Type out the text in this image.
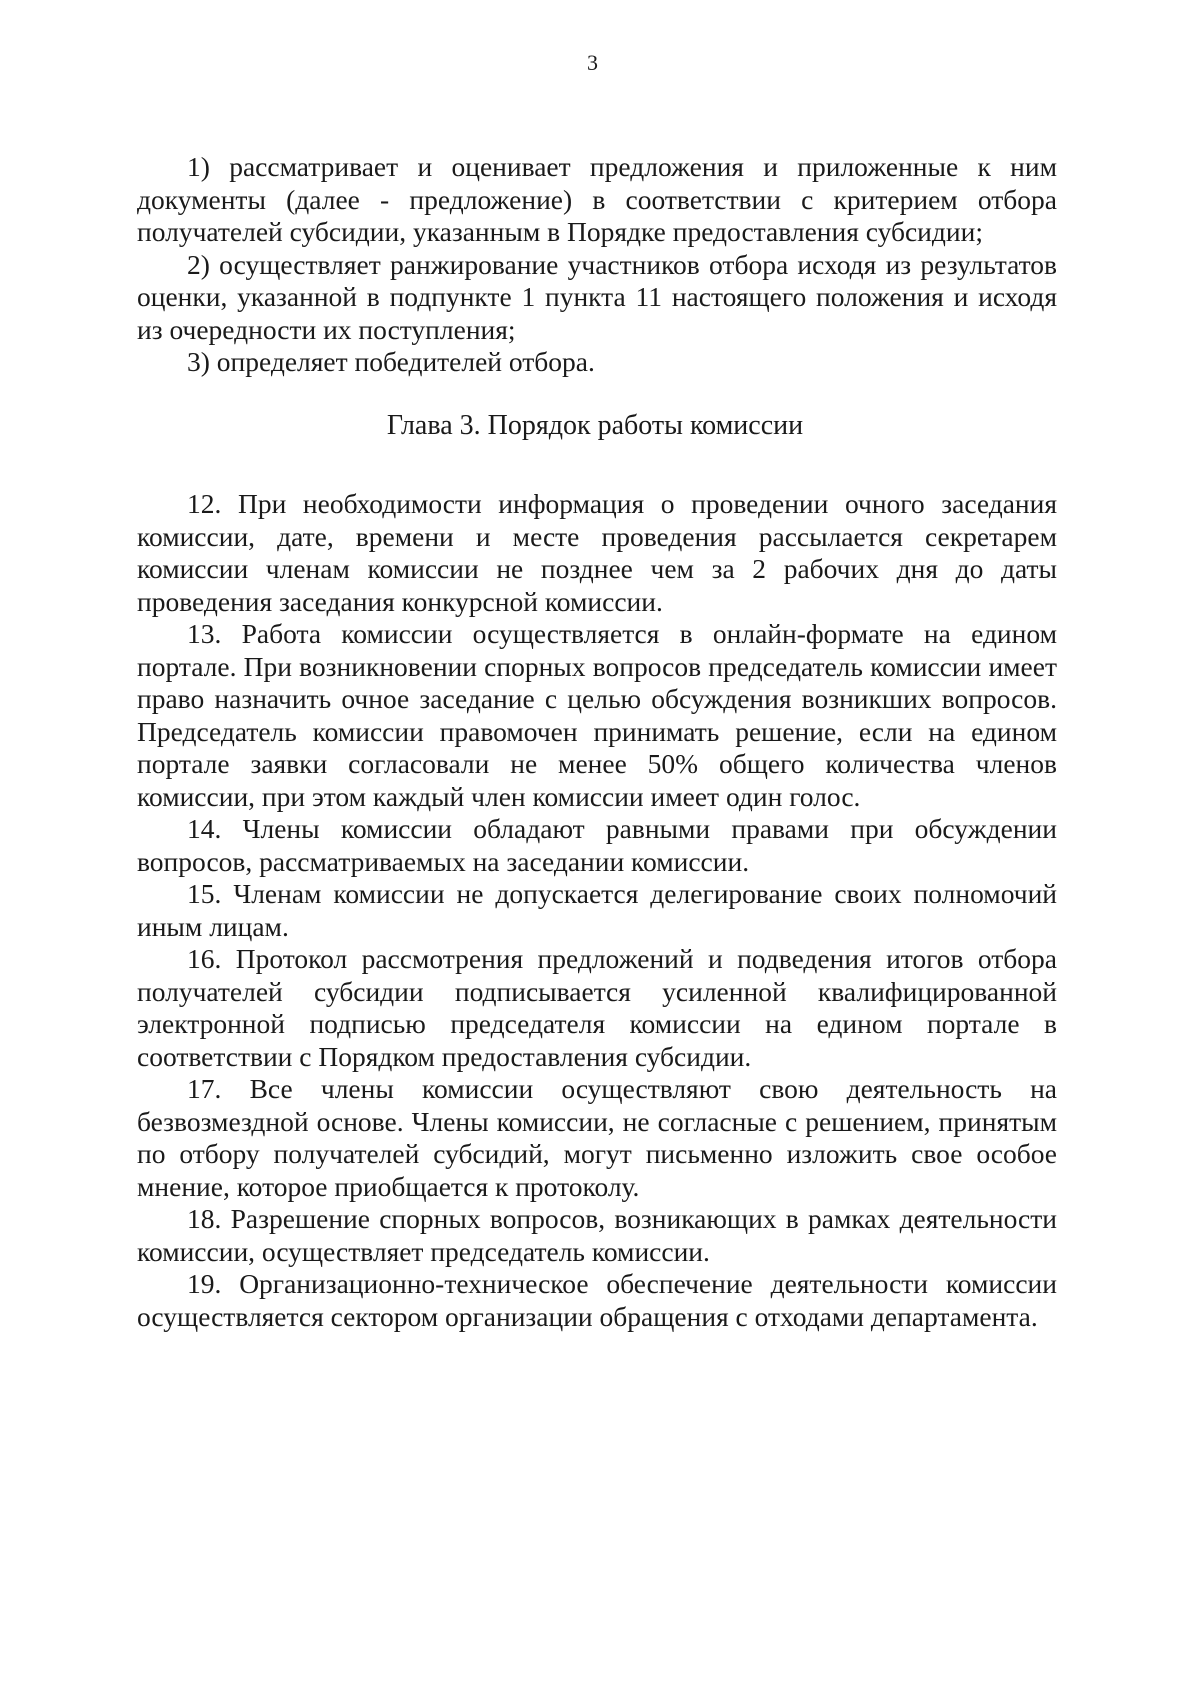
3

1) рассматривает и оценивает предложения и приложенные к ним документы (далее - предложение) в соответствии с критерием отбора получателей субсидии, указанным в Порядке предоставления субсидии;

2) осуществляет ранжирование участников отбора исходя из результатов оценки, указанной в подпункте 1 пункта 11 настоящего положения и исходя из очередности их поступления;

3) определяет победителей отбора.

Глава 3. Порядок работы комиссии

12. При необходимости информация о проведении очного заседания комиссии, дате, времени и месте проведения рассылается секретарем комиссии членам комиссии не позднее чем за 2 рабочих дня до даты проведения заседания конкурсной комиссии.

13. Работа комиссии осуществляется в онлайн-формате на едином портале. При возникновении спорных вопросов председатель комиссии имеет право назначить очное заседание с целью обсуждения возникших вопросов. Председатель комиссии правомочен принимать решение, если на едином портале заявки согласовали не менее 50% общего количества членов комиссии, при этом каждый член комиссии имеет один голос.

14. Члены комиссии обладают равными правами при обсуждении вопросов, рассматриваемых на заседании комиссии.

15. Членам комиссии не допускается делегирование своих полномочий иным лицам.

16. Протокол рассмотрения предложений и подведения итогов отбора получателей субсидии подписывается усиленной квалифицированной электронной подписью председателя комиссии на едином портале в соответствии с Порядком предоставления субсидии.

17. Все члены комиссии осуществляют свою деятельность на безвозмездной основе. Члены комиссии, не согласные с решением, принятым по отбору получателей субсидий, могут письменно изложить свое особое мнение, которое приобщается к протоколу.

18. Разрешение спорных вопросов, возникающих в рамках деятельности комиссии, осуществляет председатель комиссии.

19. Организационно-техническое обеспечение деятельности комиссии осуществляется сектором организации обращения с отходами департамента.
